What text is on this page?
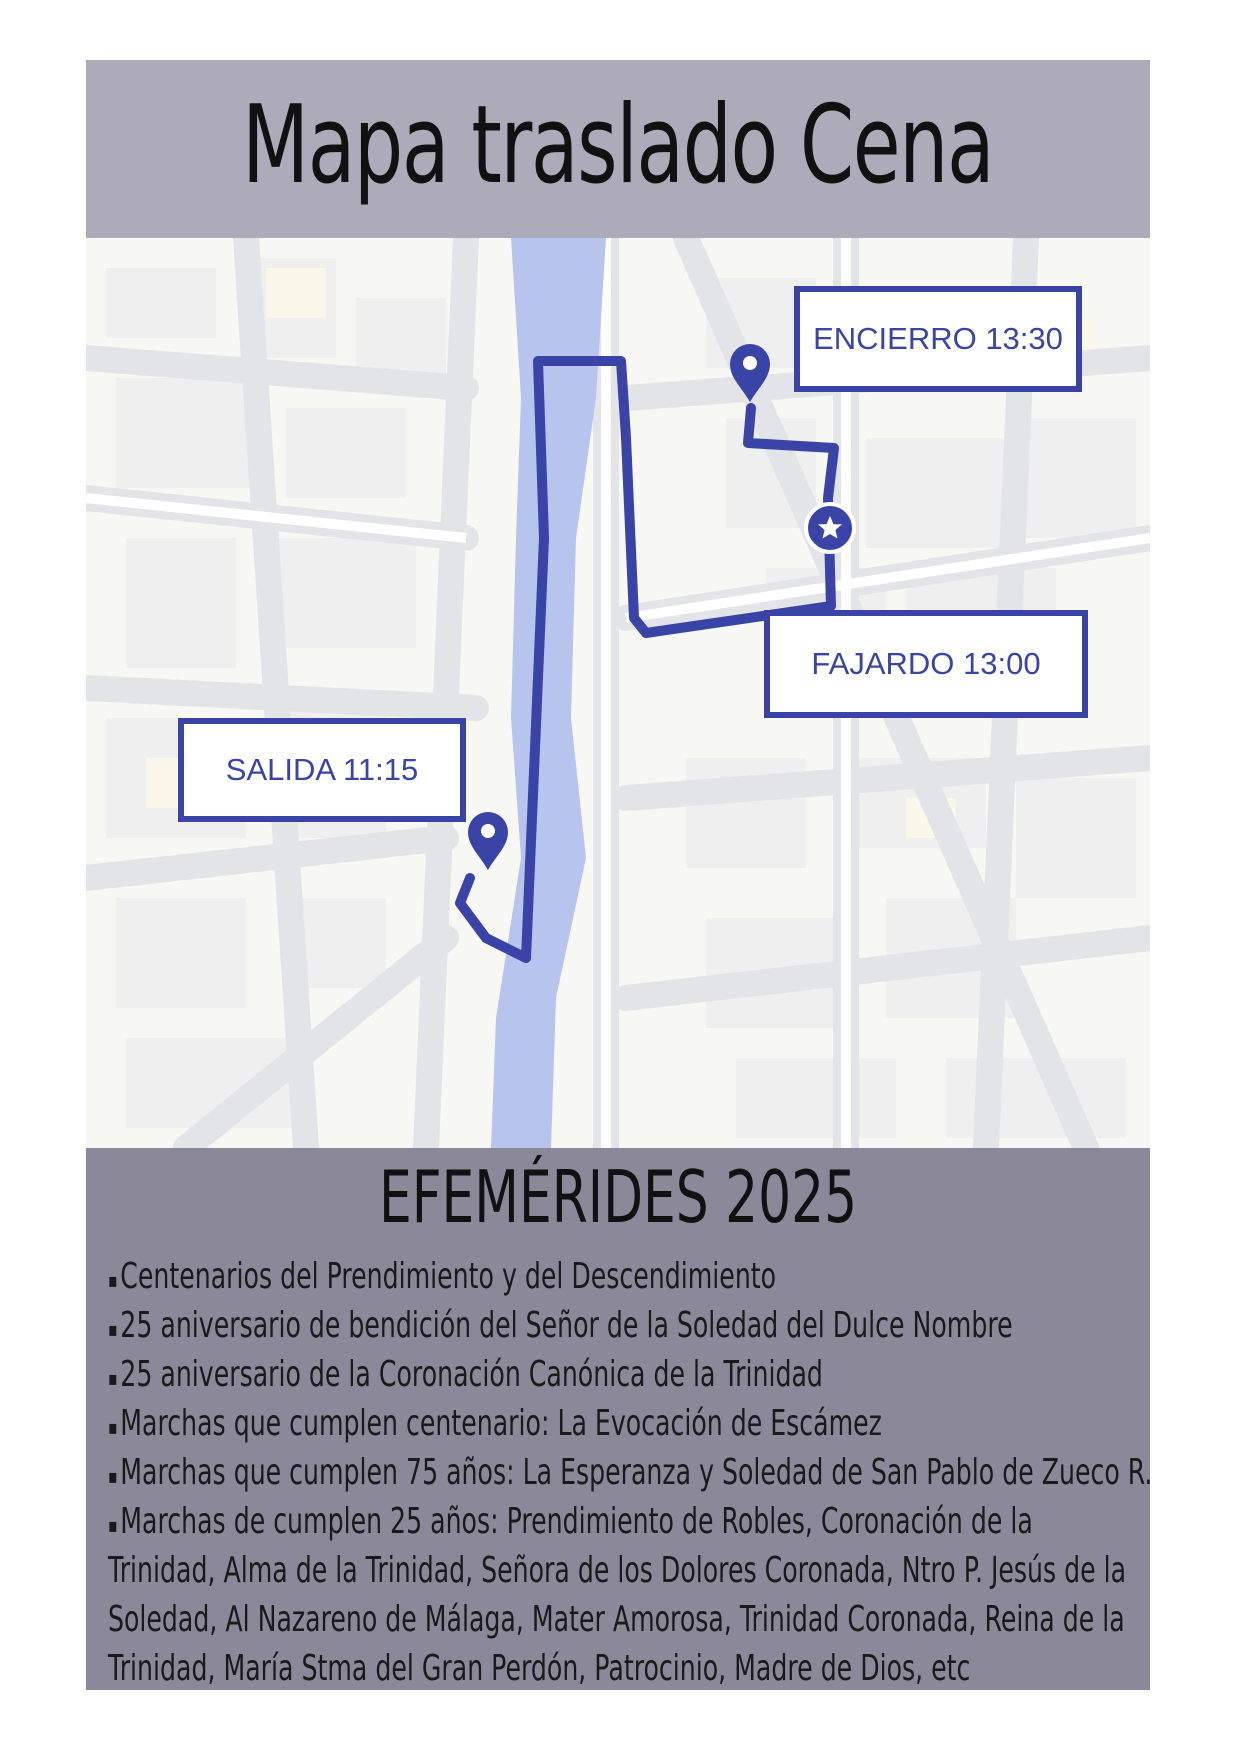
Mapa traslado Cena
ENCIERRO 13:30
FAJARDO 13:00
SALIDA 11:15
EFEMÉRIDES 2025
▪Centenarios del Prendimiento y del Descendimiento
▪25 aniversario de bendición del Señor de la Soledad del Dulce Nombre
▪25 aniversario de la Coronación Canónica de la Trinidad
▪Marchas que cumplen centenario: La Evocación de Escámez
▪Marchas que cumplen 75 años: La Esperanza y Soledad de San Pablo de Zueco R.
▪Marchas de cumplen 25 años: Prendimiento de Robles, Coronación de la Trinidad, Alma de la Trinidad, Señora de los Dolores Coronada, Ntro P. Jesús de la Soledad, Al Nazareno de Málaga, Mater Amorosa, Trinidad Coronada, Reina de la Trinidad, María Stma del Gran Perdón, Patrocinio, Madre de Dios, etc
